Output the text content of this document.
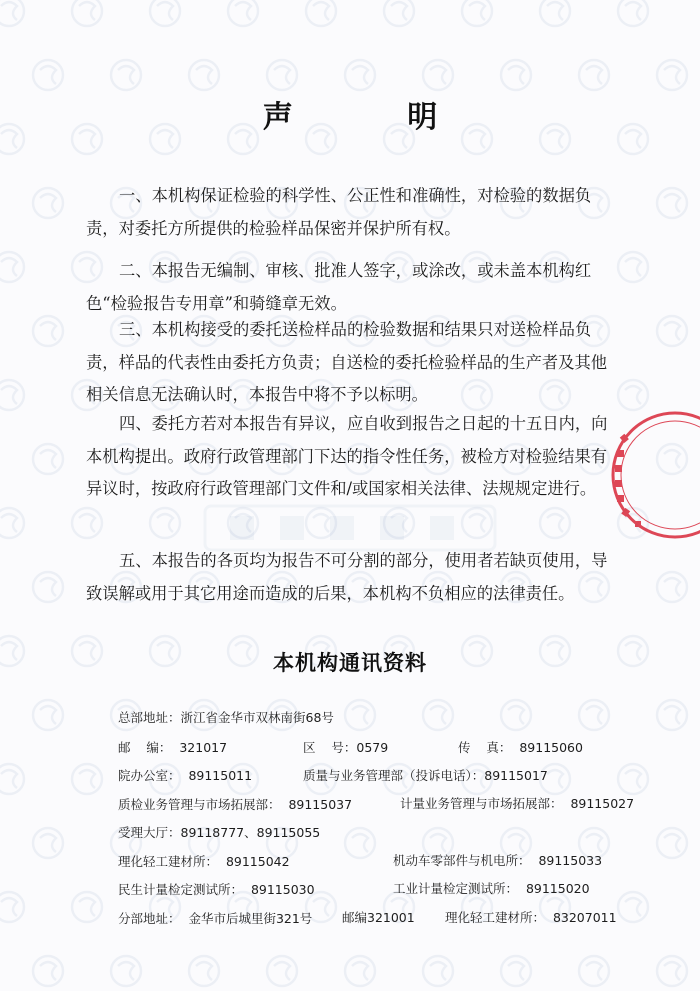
声 明

一、本机构保证检验的科学性、公正性和准确性，对检验的数据负责，对委托方所提供的检验样品保密并保护所有权。

二、本报告无编制、审核、批准人签字，或涂改，或未盖本机构红色“检验报告专用章”和骑缝章无效。

三、本机构接受的委托送检样品的检验数据和结果只对送检样品负责，样品的代表性由委托方负责；自送检的委托检验样品的生产者及其他相关信息无法确认时，本报告中将不予以标明。

四、委托方若对本报告有异议，应自收到报告之日起的十五日内，向本机构提出。政府行政管理部门下达的指令性任务，被检方对检验结果有异议时，按政府行政管理部门文件和/或国家相关法律、法规规定进行。

五、本报告的各页均为报告不可分割的部分，使用者若缺页使用，导致误解或用于其它用途而造成的后果，本机构不负相应的法律责任。

本机构通讯资料
总部地址：浙江省金华市双林南街68号
邮    编：  321017	区    号：0579	传    真：  89115060
院办公室：  89115011	质量与业务管理部（投诉电话）：89115017
质检业务管理与市场拓展部：  89115037	计量业务管理与市场拓展部：  89115027
受理大厅：89118777、89115055
理化轻工建材所：  89115042	机动车零部件与机电所：  89115033
民生计量检定测试所：  89115030	工业计量检定测试所：  89115020
分部地址：  金华市后城里街321号 邮编321001 理化轻工建材所：  83207011
